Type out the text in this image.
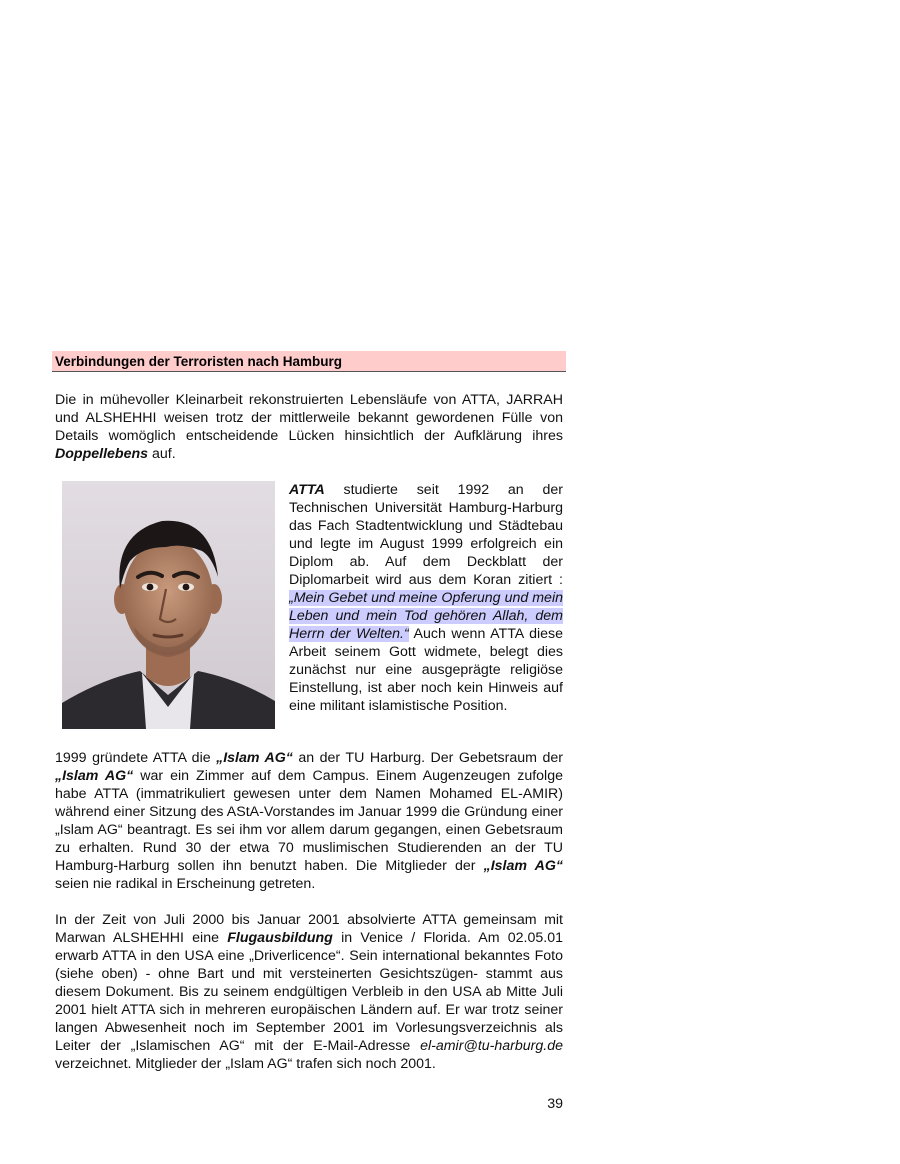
Verbindungen der Terroristen nach Hamburg

Die in mühevoller Kleinarbeit rekonstruierten Lebensläufe von ATTA, JARRAH und ALSHEHHI weisen trotz der mittlerweile bekannt gewordenen Fülle von Details womöglich entscheidende Lücken hinsichtlich der Aufklärung ihres Doppellebens auf.

ATTA studierte seit 1992 an der Technischen Universität Hamburg-Harburg das Fach Stadtentwicklung und Städtebau und legte im August 1999 erfolgreich ein Diplom ab. Auf dem Deckblatt der Diplomarbeit wird aus dem Koran zitiert : „Mein Gebet und meine Opferung und mein Leben und mein Tod gehören Allah, dem Herrn der Welten.“ Auch wenn ATTA diese Arbeit seinem Gott widmete, belegt dies zunächst nur eine ausgeprägte religiöse Einstellung, ist aber noch kein Hinweis auf eine militant islamistische Position.

1999 gründete ATTA die „Islam AG“ an der TU Harburg. Der Gebetsraum der „Islam AG“ war ein Zimmer auf dem Campus. Einem Augenzeugen zufolge habe ATTA (immatrikuliert gewesen unter dem Namen Mohamed EL-AMIR) während einer Sitzung des AStA-Vorstandes im Januar 1999 die Gründung einer „Islam AG“ beantragt. Es sei ihm vor allem darum gegangen, einen Gebetsraum zu erhalten. Rund 30 der etwa 70 muslimischen Studierenden an der TU Hamburg-Harburg sollen ihn benutzt haben. Die Mitglieder der „Islam AG“ seien nie radikal in Erscheinung getreten.

In der Zeit von Juli 2000 bis Januar 2001 absolvierte ATTA gemeinsam mit Marwan ALSHEHHI eine Flugausbildung in Venice / Florida. Am 02.05.01 erwarb ATTA in den USA eine „Driverlicence“. Sein international bekanntes Foto (siehe oben) - ohne Bart und mit versteinerten Gesichtszügen- stammt aus diesem Dokument. Bis zu seinem endgültigen Verbleib in den USA ab Mitte Juli 2001 hielt ATTA sich in mehreren europäischen Ländern auf. Er war trotz seiner langen Abwesenheit noch im September 2001 im Vorlesungsverzeichnis als Leiter der „Islamischen AG“ mit der E-Mail-Adresse el-amir@tu-harburg.de verzeichnet. Mitglieder der „Islam AG“ trafen sich noch 2001.

39
